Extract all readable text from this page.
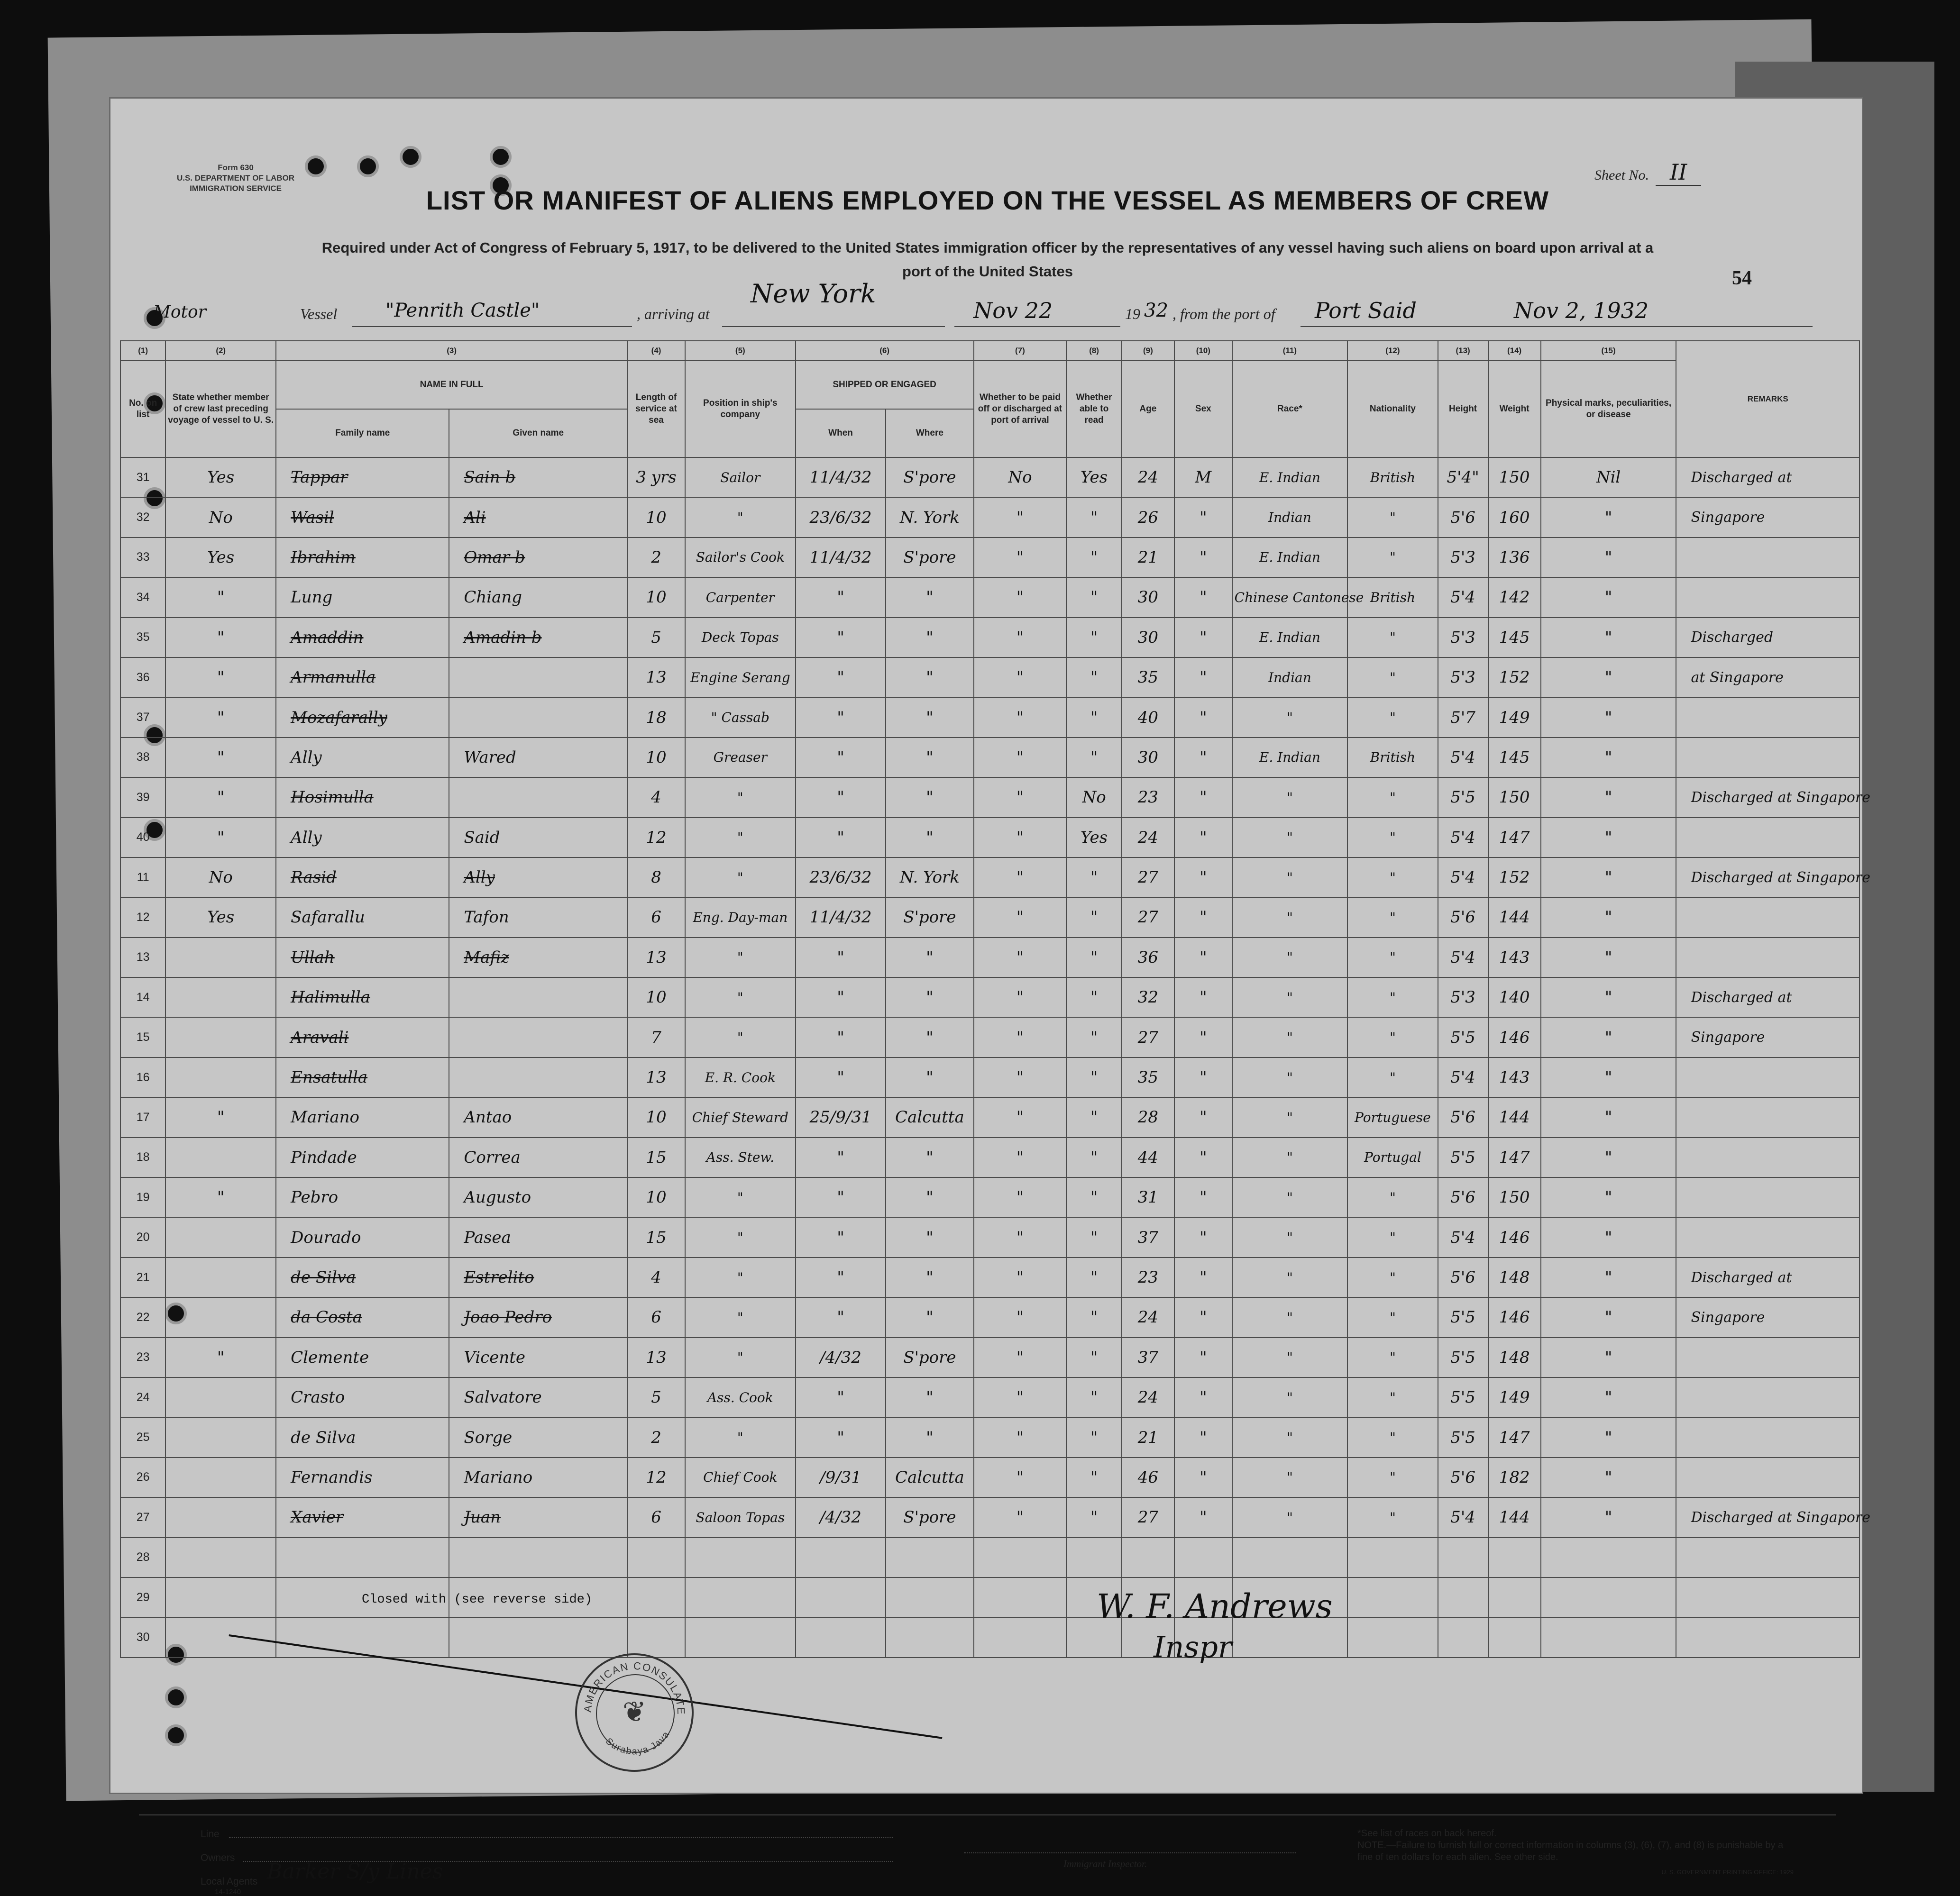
Form 630
U.S. DEPARTMENT OF LABOR
IMMIGRATION SERVICE
Sheet No. II
LIST OR MANIFEST OF ALIENS EMPLOYED ON THE VESSEL AS MEMBERS OF CREW
Required under Act of Congress of February 5, 1917, to be delivered to the United States immigration officer by the representatives of any vessel having such aliens on board upon arrival at a
port of the United States	54
Motor	Vessel	"Penrith Castle"	, arriving at
New York
Nov 22	19 32 , from the port of Port Said	Nov 2, 1932
(1)	(2)	(3)		(4)	(5)	(6)		(7)	(8)	(9)	(10)	(11)	(12)	(13)	(14)	(15)	REMARKS
No. on list	State whether member of crew last preceding voyage of vessel to U. S.	NAME IN FULL		Length of service at sea	Position in ship's company	SHIPPED OR ENGAGED		Whether to be paid off or discharged at port of arrival	Whether able to read	Age	Sex	Race*	Nationality	Height	Weight	Physical marks, peculiarities, or disease	
		Family name	Given name			When	Where										
31	Yes	Tappar	Sain b	3 yrs	Sailor	11/4/32	S'pore	No	Yes	24	M	E. Indian	British	5'4"	150	Nil	Discharged at
32	No	Wasil	Ali	10	"	23/6/32	N. York	"	"	26	"	Indian	"	5'6	160	"	Singapore
33	Yes	Ibrahim	Omar b	2	Sailor's Cook	11/4/32	S'pore	"	"	21	"	E. Indian	"	5'3	136	"	
34	"	Lung	Chiang	10	Carpenter	"	"	"	"	30	"	Chinese Cantonese	British	5'4	142	"	
35	"	Amaddin	Amadin b	5	Deck Topas	"	"	"	"	30	"	E. Indian	"	5'3	145	"	Discharged
36	"	Armanulla		13	Engine Serang	"	"	"	"	35	"	Indian	"	5'3	152	"	at Singapore
37	"	Mozafarally		18	" Cassab	"	"	"	"	40	"	"	"	5'7	149	"	
38	"	Ally	Wared	10	Greaser	"	"	"	"	30	"	E. Indian	British	5'4	145	"	
39	"	Hosimulla		4	"	"	"	"	No	23	"	"	"	5'5	150	"	Discharged at Singapore
40	"	Ally	Said	12	"	"	"	"	Yes	24	"	"	"	5'4	147	"	
11	No	Rasid	Ally	8	"	23/6/32	N. York	"	"	27	"	"	"	5'4	152	"	Discharged at Singapore
12	Yes	Safarallu	Tafon	6	Eng. Day-man	11/4/32	S'pore	"	"	27	"	"	"	5'6	144	"	
13		Ullah	Mafiz	13	"	"	"	"	"	36	"	"	"	5'4	143	"	
14		Halimulla		10	"	"	"	"	"	32	"	"	"	5'3	140	"	Discharged at
15		Aravali		7	"	"	"	"	"	27	"	"	"	5'5	146	"	Singapore
16		Ensatulla		13	E. R. Cook	"	"	"	"	35	"	"	"	5'4	143	"	
17	"	Mariano	Antao	10	Chief Steward	25/9/31	Calcutta	"	"	28	"	"	Portuguese	5'6	144	"	
18		Pindade	Correa	15	Ass. Stew.	"	"	"	"	44	"	"	Portugal	5'5	147	"	
19	"	Pebro	Augusto	10	"	"	"	"	"	31	"	"	"	5'6	150	"	
20		Dourado	Pasea	15	"	"	"	"	"	37	"	"	"	5'4	146	"	
21		de Silva	Estrelito	4	"	"	"	"	"	23	"	"	"	5'6	148	"	Discharged at
22		da Costa	Joao Pedro	6	"	"	"	"	"	24	"	"	"	5'5	146	"	Singapore
23	"	Clemente	Vicente	13	"	/4/32	S'pore	"	"	37	"	"	"	5'5	148	"	
24		Crasto	Salvatore	5	Ass. Cook	"	"	"	"	24	"	"	"	5'5	149	"	
25		de Silva	Sorge	2	"	"	"	"	"	21	"	"	"	5'5	147	"	
26		Fernandis	Mariano	12	Chief Cook	/9/31	Calcutta	"	"	46	"	"	"	5'6	182	"	
27		Xavier	Juan	6	Saloon Topas	/4/32	S'pore	"	"	27	"	"	"	5'4	144	"	Discharged at Singapore
28																	
29																	
30																	
Closed with (see reverse side)	W. F. Andrews
Inspr
AMERICAN CONSULATE
Surabaya Java
❦
Line
Owners
Local Agents Barker S/y Lines
14-1240
Immigrant Inspector.
*See list of races on back hereof.
NOTE.—Failure to furnish full or correct information in columns (3), (6), (7), and (8) is punishable by a fine of ten dollars for each alien. See other side.
U. S. GOVERNMENT PRINTING OFFICE: 1929
